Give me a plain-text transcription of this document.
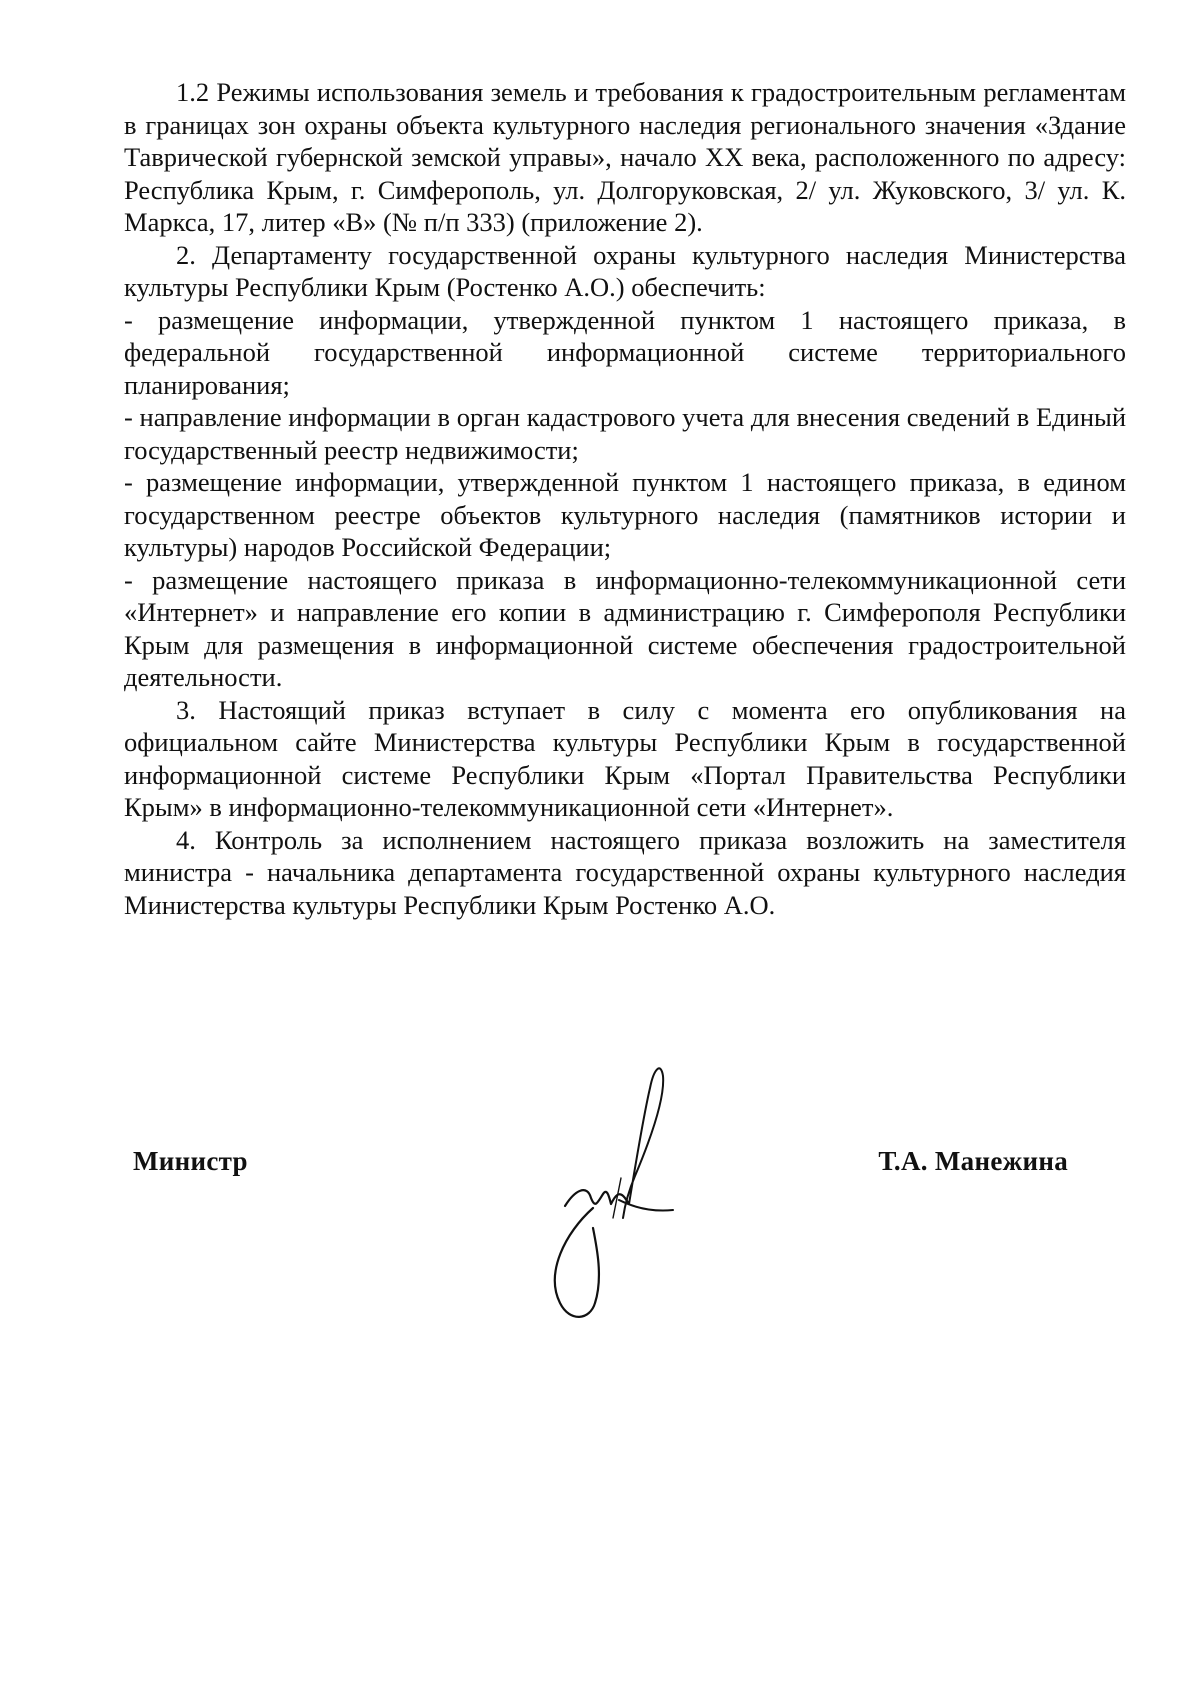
1.2 Режимы использования земель и требования к градостроительным регламентам в границах зон охраны объекта культурного наследия регионального значения «Здание Таврической губернской земской управы», начало XX века, расположенного по адресу: Республика Крым, г. Симферополь, ул. Долгоруковская, 2/ ул. Жуковского, 3/ ул. К. Маркса, 17, литер «В» (№ п/п 333) (приложение 2).

2. Департаменту государственной охраны культурного наследия Министерства культуры Республики Крым (Ростенко А.О.) обеспечить:

- размещение информации, утвержденной пунктом 1 настоящего приказа, в федеральной государственной информационной системе территориального планирования;

- направление информации в орган кадастрового учета для внесения сведений в Единый государственный реестр недвижимости;

- размещение информации, утвержденной пунктом 1 настоящего приказа, в едином государственном реестре объектов культурного наследия (памятников истории и культуры) народов Российской Федерации;

- размещение настоящего приказа в информационно-телекоммуникационной сети «Интернет» и направление его копии в администрацию г. Симферополя Республики Крым для размещения в информационной системе обеспечения градостроительной деятельности.

3. Настоящий приказ вступает в силу с момента его опубликования на официальном сайте Министерства культуры Республики Крым в государственной информационной системе Республики Крым «Портал Правительства Республики Крым» в информационно-телекоммуникационной сети «Интернет».

4. Контроль за исполнением настоящего приказа возложить на заместителя министра - начальника департамента государственной охраны культурного наследия Министерства культуры Республики Крым Ростенко А.О.

Министр	Т.А. Манежина
